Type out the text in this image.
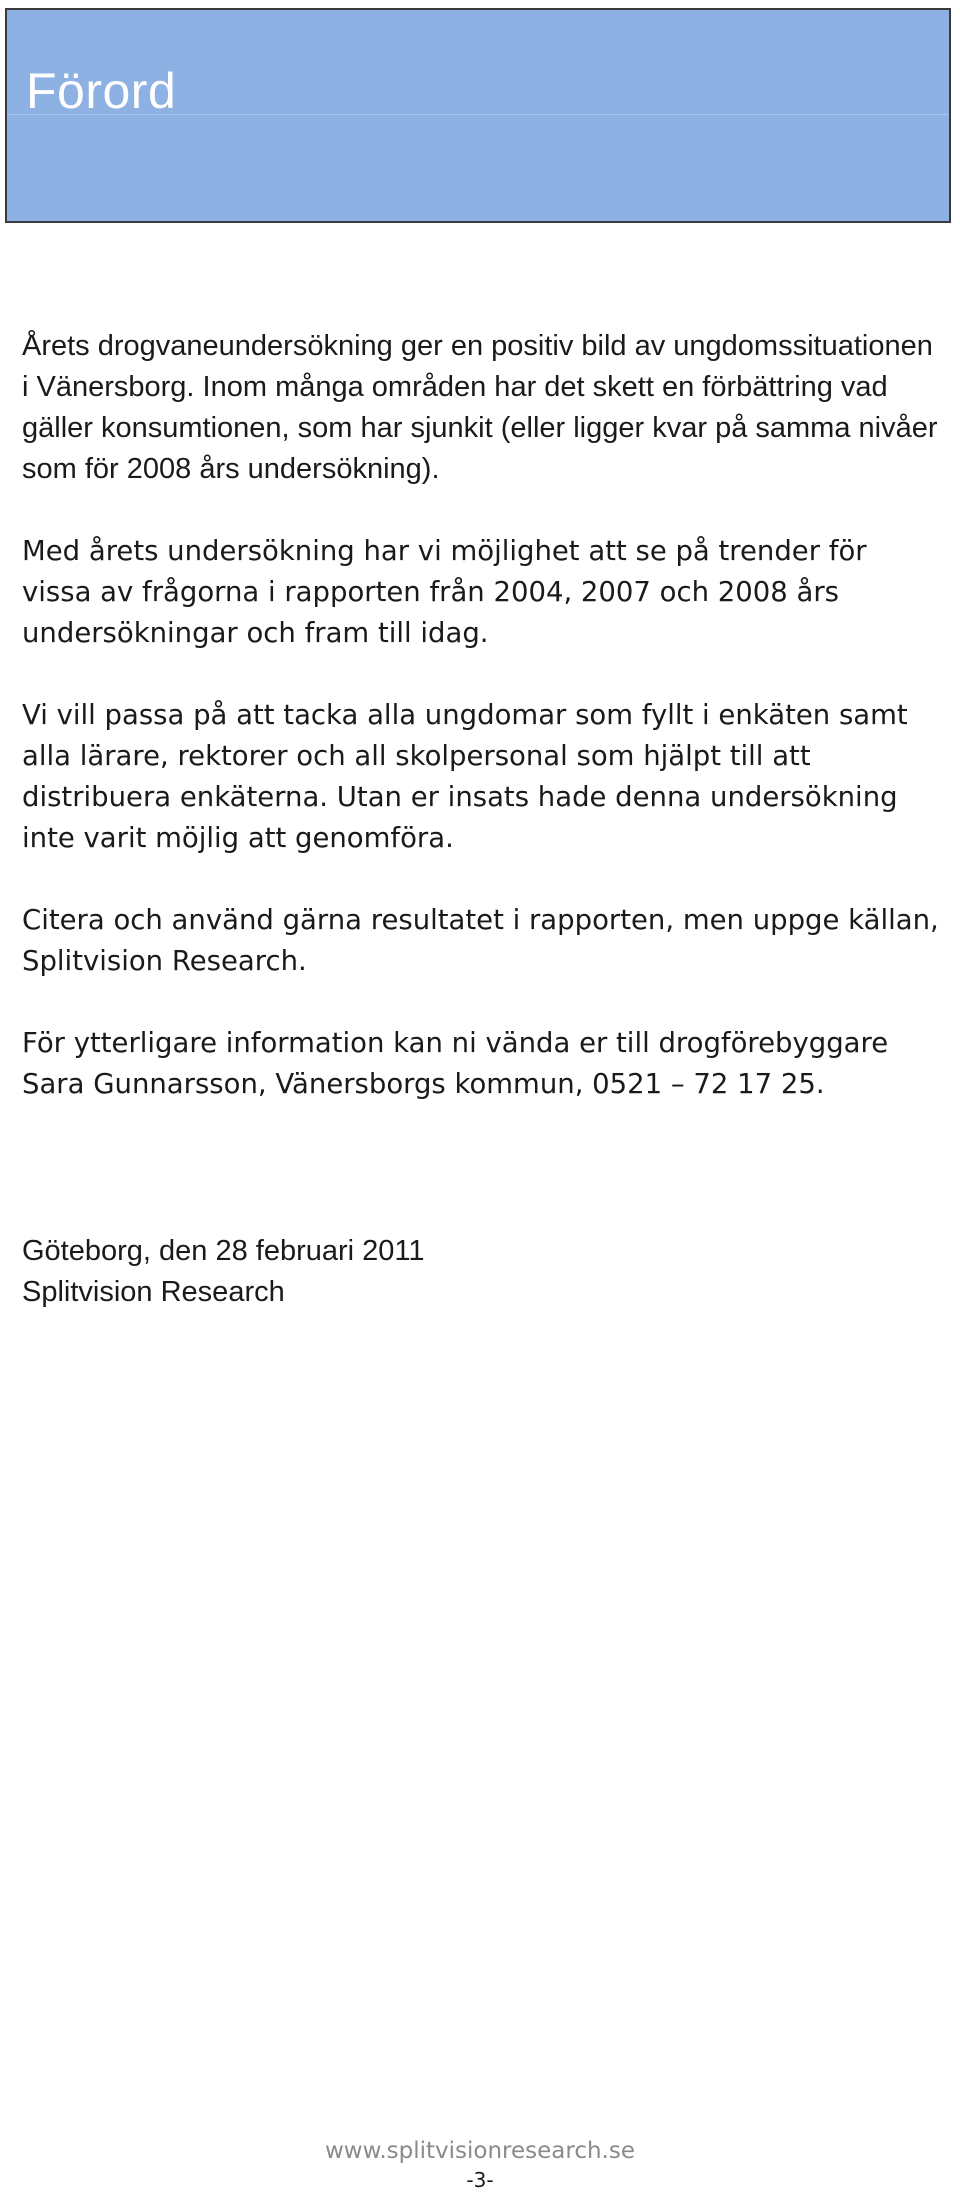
Förord

Årets drogvaneundersökning ger en positiv bild av ungdomssituationen i Vänersborg. Inom många områden har det skett en förbättring vad gäller konsumtionen, som har sjunkit (eller ligger kvar på samma nivåer som för 2008 års undersökning).

Med årets undersökning har vi möjlighet att se på trender för vissa av frågorna i rapporten från 2004, 2007 och 2008 års undersökningar och fram till idag.

Vi vill passa på att tacka alla ungdomar som fyllt i enkäten samt alla lärare, rektorer och all skolpersonal som hjälpt till att distribuera enkäterna. Utan er insats hade denna undersökning inte varit möjlig att genomföra.

Citera och använd gärna resultatet i rapporten, men uppge källan, Splitvision Research.

För ytterligare information kan ni vända er till drogförebyggare Sara Gunnarsson, Vänersborgs kommun, 0521 – 72 17 25.

Göteborg, den 28 februari 2011
Splitvision Research
www.splitvisionresearch.se
-3-
